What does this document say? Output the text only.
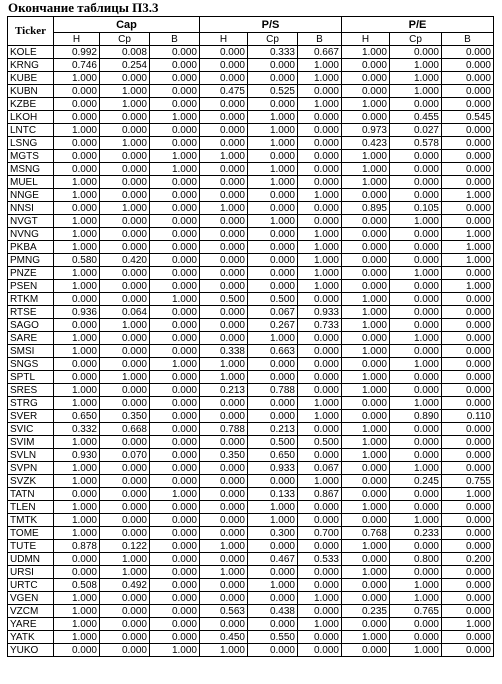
Окончание таблицы П3.3
Ticker	Cap			P/S			P/E		
	Н	Ср	В	Н	Ср	В	Н	Ср	В
KOLE	0.992	0.008	0.000	0.000	0.333	0.667	1.000	0.000	0.000
KRNG	0.746	0.254	0.000	0.000	0.000	1.000	0.000	1.000	0.000
KUBE	1.000	0.000	0.000	0.000	0.000	1.000	0.000	1.000	0.000
KUBN	0.000	1.000	0.000	0.475	0.525	0.000	0.000	1.000	0.000
KZBE	0.000	1.000	0.000	0.000	0.000	1.000	1.000	0.000	0.000
LKOH	0.000	0.000	1.000	0.000	1.000	0.000	0.000	0.455	0.545
LNTC	1.000	0.000	0.000	0.000	1.000	0.000	0.973	0.027	0.000
LSNG	0.000	1.000	0.000	0.000	1.000	0.000	0.423	0.578	0.000
MGTS	0.000	0.000	1.000	1.000	0.000	0.000	1.000	0.000	0.000
MSNG	0.000	0.000	1.000	0.000	1.000	0.000	1.000	0.000	0.000
MUEL	1.000	0.000	0.000	0.000	1.000	0.000	1.000	0.000	0.000
NNGE	1.000	0.000	0.000	0.000	0.000	1.000	0.000	0.000	1.000
NNSI	0.000	1.000	0.000	1.000	0.000	0.000	0.895	0.105	0.000
NVGT	1.000	0.000	0.000	0.000	1.000	0.000	0.000	1.000	0.000
NVNG	1.000	0.000	0.000	0.000	0.000	1.000	0.000	0.000	1.000
PKBA	1.000	0.000	0.000	0.000	0.000	1.000	0.000	0.000	1.000
PMNG	0.580	0.420	0.000	0.000	0.000	1.000	0.000	0.000	1.000
PNZE	1.000	0.000	0.000	0.000	0.000	1.000	0.000	1.000	0.000
PSEN	1.000	0.000	0.000	0.000	0.000	1.000	0.000	0.000	1.000
RTKM	0.000	0.000	1.000	0.500	0.500	0.000	1.000	0.000	0.000
RTSE	0.936	0.064	0.000	0.000	0.067	0.933	1.000	0.000	0.000
SAGO	0.000	1.000	0.000	0.000	0.267	0.733	1.000	0.000	0.000
SARE	1.000	0.000	0.000	0.000	1.000	0.000	0.000	1.000	0.000
SMSI	1.000	0.000	0.000	0.338	0.663	0.000	1.000	0.000	0.000
SNGS	0.000	0.000	1.000	1.000	0.000	0.000	0.000	1.000	0.000
SPTL	0.000	1.000	0.000	1.000	0.000	0.000	1.000	0.000	0.000
SRES	1.000	0.000	0.000	0.213	0.788	0.000	1.000	0.000	0.000
STRG	1.000	0.000	0.000	0.000	0.000	1.000	0.000	1.000	0.000
SVER	0.650	0.350	0.000	0.000	0.000	1.000	0.000	0.890	0.110
SVIC	0.332	0.668	0.000	0.788	0.213	0.000	1.000	0.000	0.000
SVIM	1.000	0.000	0.000	0.000	0.500	0.500	1.000	0.000	0.000
SVLN	0.930	0.070	0.000	0.350	0.650	0.000	1.000	0.000	0.000
SVPN	1.000	0.000	0.000	0.000	0.933	0.067	0.000	1.000	0.000
SVZK	1.000	0.000	0.000	0.000	0.000	1.000	0.000	0.245	0.755
TATN	0.000	0.000	1.000	0.000	0.133	0.867	0.000	0.000	1.000
TLEN	1.000	0.000	0.000	0.000	1.000	0.000	1.000	0.000	0.000
TMTK	1.000	0.000	0.000	0.000	1.000	0.000	0.000	1.000	0.000
TOME	1.000	0.000	0.000	0.000	0.300	0.700	0.768	0.233	0.000
TUTE	0.878	0.122	0.000	1.000	0.000	0.000	1.000	0.000	0.000
UDMN	0.000	1.000	0.000	0.000	0.467	0.533	0.000	0.800	0.200
URSI	0.000	1.000	0.000	1.000	0.000	0.000	1.000	0.000	0.000
URTC	0.508	0.492	0.000	0.000	1.000	0.000	0.000	1.000	0.000
VGEN	1.000	0.000	0.000	0.000	0.000	1.000	0.000	1.000	0.000
VZCM	1.000	0.000	0.000	0.563	0.438	0.000	0.235	0.765	0.000
YARE	1.000	0.000	0.000	0.000	0.000	1.000	0.000	0.000	1.000
YATK	1.000	0.000	0.000	0.450	0.550	0.000	1.000	0.000	0.000
YUKO	0.000	0.000	1.000	1.000	0.000	0.000	0.000	1.000	0.000
